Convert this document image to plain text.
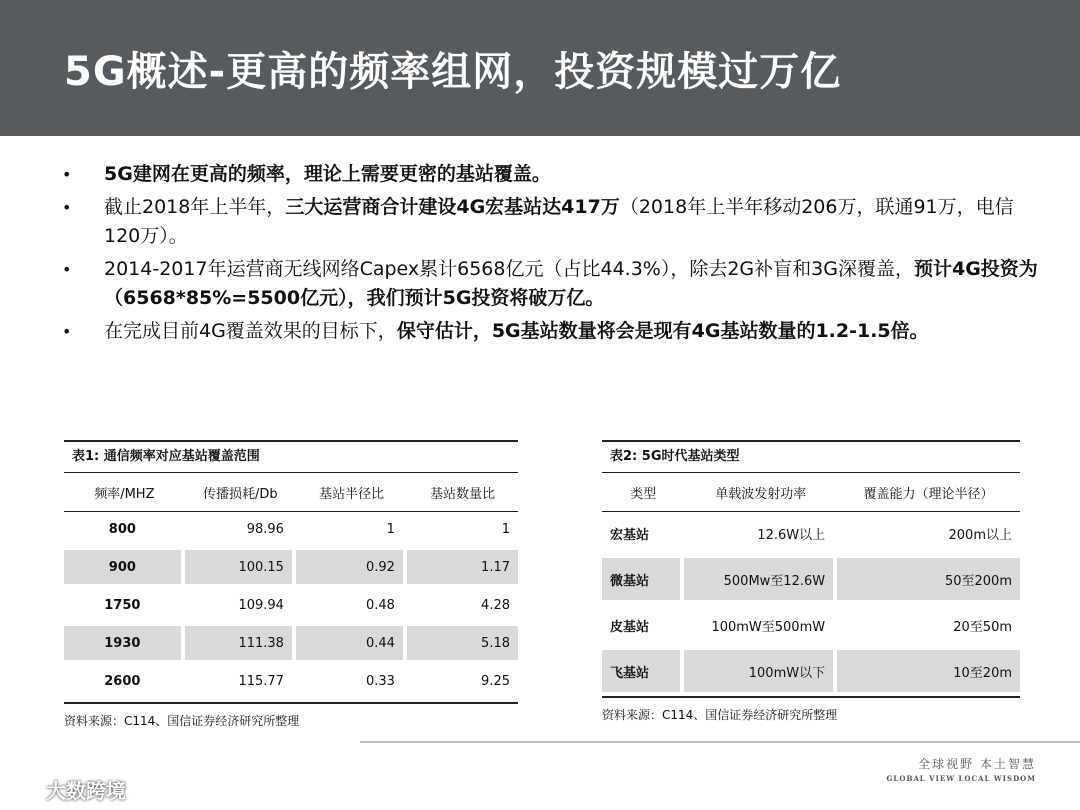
5G概述-更高的频率组网，投资规模过万亿
• 5G建网在更高的频率，理论上需要更密的基站覆盖。
• 截止2018年上半年，三大运营商合计建设4G宏基站达417万（2018年上半年移动206万，联通91万，电信120万）。
• 2014-2017年运营商无线网络Capex累计6568亿元（占比44.3%），除去2G补盲和3G深覆盖，预计4G投资为（6568*85%=5500亿元），我们预计5G投资将破万亿。
• 在完成目前4G覆盖效果的目标下，保守估计，5G基站数量将会是现有4G基站数量的1.2-1.5倍。
表1: 通信频率对应基站覆盖范围
频率/MHZ	传播损耗/Db	基站半径比	基站数量比
800	98.96	1	1
900	100.15	0.92	1.17
1750	109.94	0.48	4.28
1930	111.38	0.44	5.18
2600	115.77	0.33	9.25
资料来源：C114、国信证券经济研究所整理
表2: 5G时代基站类型
类型	单载波发射功率	覆盖能力（理论半径）
宏基站	12.6W以上	200m以上
微基站	500Mw至12.6W	50至200m
皮基站	100mW至500mW	20至50m
飞基站	100mW以下	10至20m
资料来源：C114、国信证券经济研究所整理
全球视野 本土智慧
GLOBAL VIEW LOCAL WISDOM
大数跨境
